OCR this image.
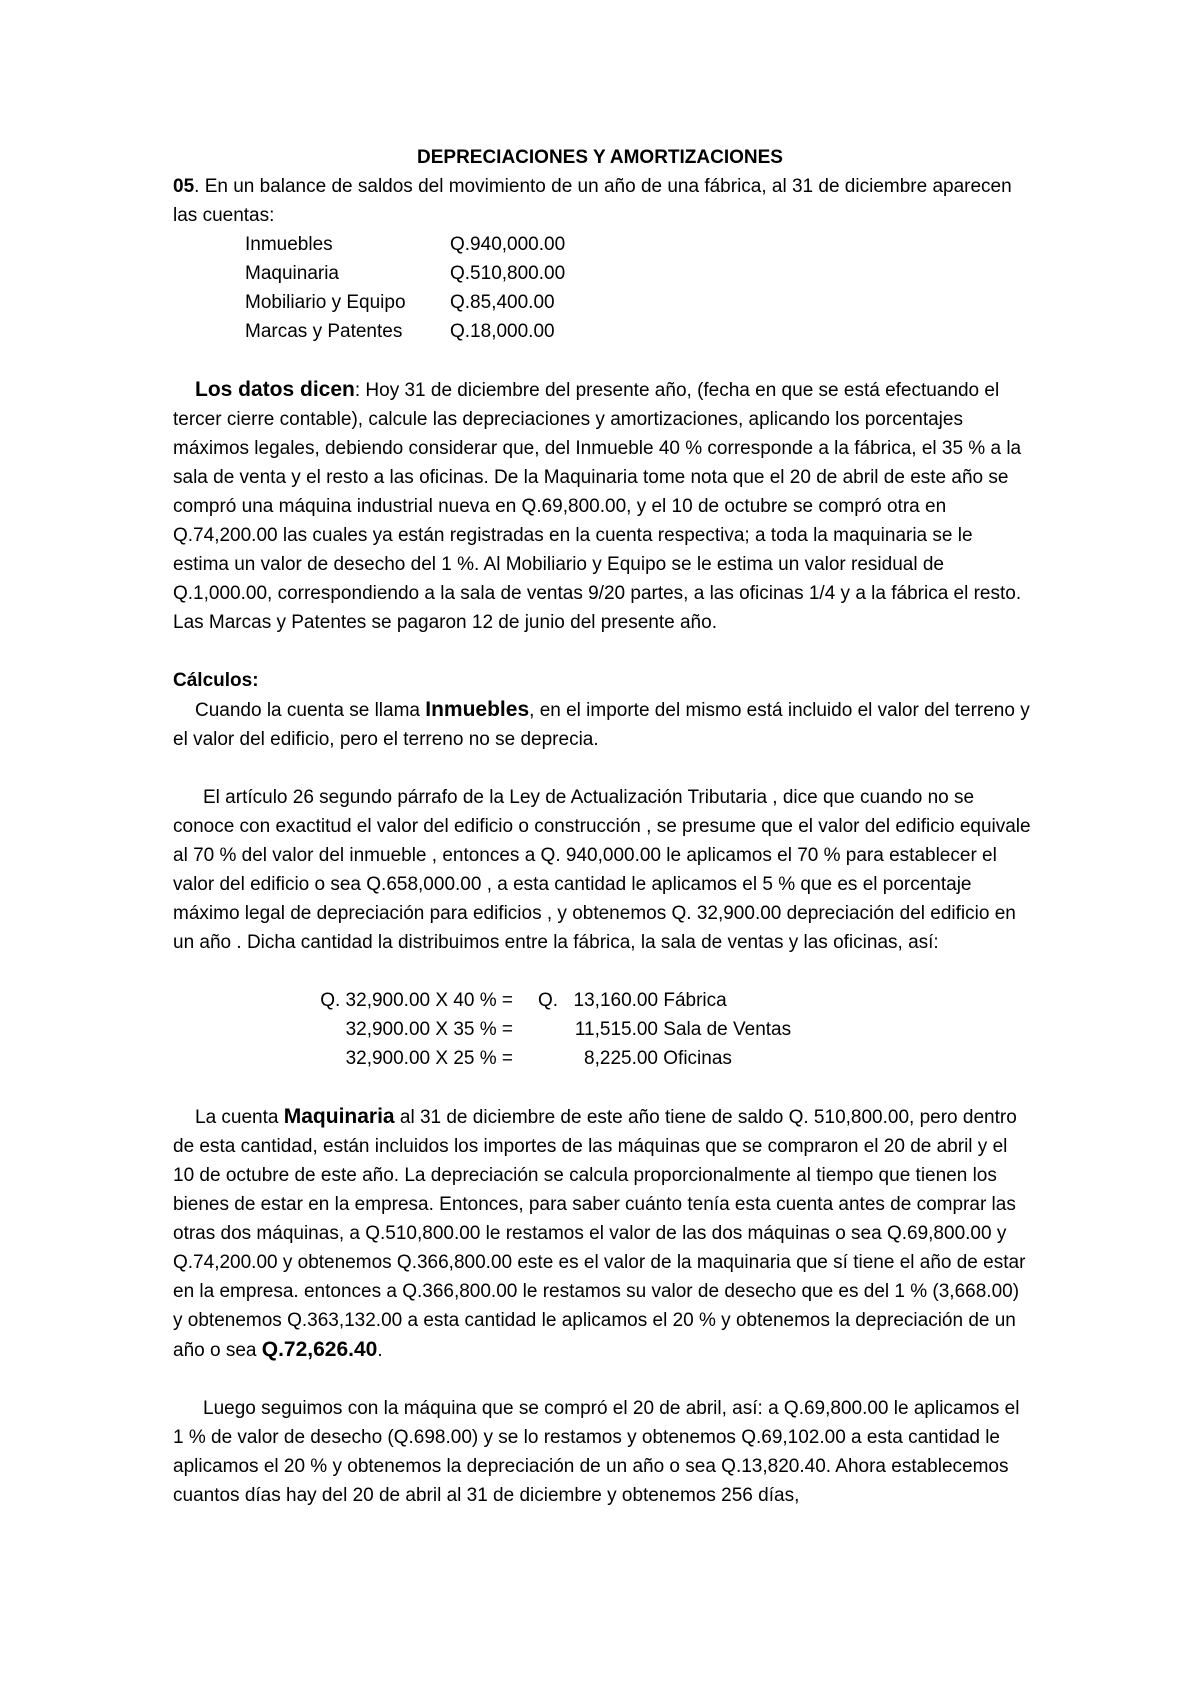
DEPRECIACIONES Y AMORTIZACIONES

05. En un balance de saldos del movimiento de un año de una fábrica, al 31 de diciembre aparecen las cuentas:

Inmuebles	Q.940,000.00
Maquinaria	Q.510,800.00
Mobiliario y Equipo	Q.85,400.00
Marcas y Patentes	Q.18,000.00

Los datos dicen: Hoy 31 de diciembre del presente año, (fecha en que se está efectuando el tercer cierre contable), calcule las depreciaciones y amortizaciones, aplicando los porcentajes máximos legales, debiendo considerar que, del Inmueble 40 % corresponde a la fábrica, el 35 % a la sala de venta y el resto a las oficinas. De la Maquinaria tome nota que el 20 de abril de este año se compró una máquina industrial nueva en Q.69,800.00, y el 10 de octubre se compró otra en Q.74,200.00 las cuales ya están registradas en la cuenta respectiva; a toda la maquinaria se le estima un valor de desecho del 1 %. Al Mobiliario y Equipo se le estima un valor residual de Q.1,000.00, correspondiendo a la sala de ventas 9/20 partes, a las oficinas 1/4 y a la fábrica el resto. Las Marcas y Patentes se pagaron 12 de junio del presente año.

Cálculos:

Cuando la cuenta se llama Inmuebles, en el importe del mismo está incluido el valor del terreno y el valor del edificio, pero el terreno no se deprecia.

El artículo 26 segundo párrafo de la Ley de Actualización Tributaria , dice que cuando no se conoce con exactitud el valor del edificio o construcción , se presume que el valor del edificio equivale al 70 % del valor del inmueble , entonces a Q. 940,000.00 le aplicamos el 70 % para establecer el valor del edificio o sea Q.658,000.00 , a esta cantidad le aplicamos el 5 % que es el porcentaje máximo legal de depreciación para edificios , y obtenemos Q. 32,900.00 depreciación del edificio en un año . Dicha cantidad la distribuimos entre la fábrica, la sala de ventas y las oficinas, así:

Q. 32,900.00 X 40 % =	Q. 13,160.00 Fábrica
32,900.00 X 35 % =	11,515.00 Sala de Ventas
32,900.00 X 25 % =	8,225.00 Oficinas

La cuenta Maquinaria al 31 de diciembre de este año tiene de saldo Q. 510,800.00, pero dentro de esta cantidad, están incluidos los importes de las máquinas que se compraron el 20 de abril y el 10 de octubre de este año. La depreciación se calcula proporcionalmente al tiempo que tienen los bienes de estar en la empresa. Entonces, para saber cuánto tenía esta cuenta antes de comprar las otras dos máquinas, a Q.510,800.00 le restamos el valor de las dos máquinas o sea Q.69,800.00 y Q.74,200.00 y obtenemos Q.366,800.00 este es el valor de la maquinaria que sí tiene el año de estar en la empresa. entonces a Q.366,800.00 le restamos su valor de desecho que es del 1 % (3,668.00) y obtenemos Q.363,132.00 a esta cantidad le aplicamos el 20 % y obtenemos la depreciación de un año o sea Q.72,626.40.

Luego seguimos con la máquina que se compró el 20 de abril, así: a Q.69,800.00 le aplicamos el 1 % de valor de desecho (Q.698.00) y se lo restamos y obtenemos Q.69,102.00 a esta cantidad le aplicamos el 20 % y obtenemos la depreciación de un año o sea Q.13,820.40. Ahora establecemos cuantos días hay del 20 de abril al 31 de diciembre y obtenemos 256 días,
